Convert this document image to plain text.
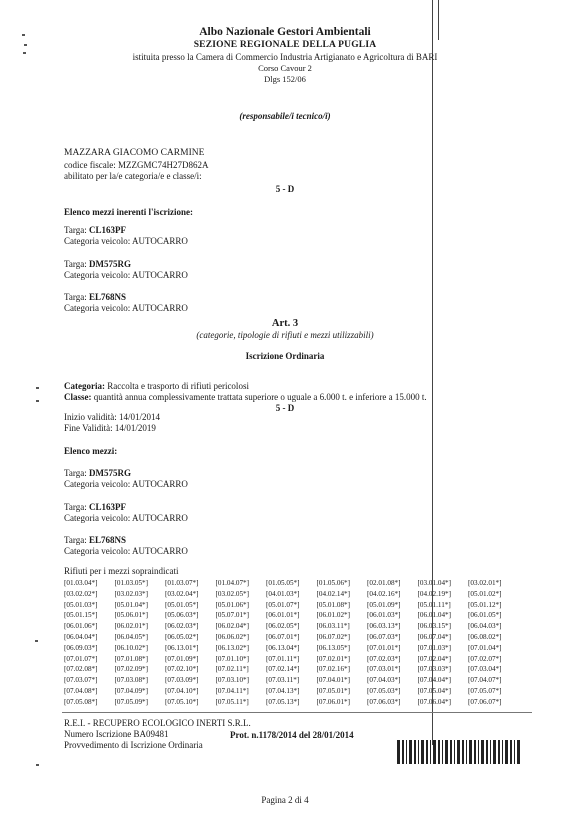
Albo Nazionale Gestori Ambientali
SEZIONE REGIONALE DELLA PUGLIA
istituita presso la Camera di Commercio Industria Artigianato e Agricoltura di BARI
Corso Cavour 2
Dlgs 152/06
(responsabile/i tecnico/i)
MAZZARA GIACOMO CARMINE
codice fiscale: MZZGMC74H27D862A
abilitato per la/e categoria/e e classe/i:
5 - D
Elenco mezzi inerenti l'iscrizione:
Targa: CL163PF
Categoria veicolo: AUTOCARRO
Targa: DM575RG
Categoria veicolo: AUTOCARRO
Targa: EL768NS
Categoria veicolo: AUTOCARRO
Art. 3
(categorie, tipologie di rifiuti e mezzi utilizzabili)
Iscrizione Ordinaria
Categoria: Raccolta e trasporto di rifiuti pericolosi
Classe: quantità annua complessivamente trattata superiore o uguale a 6.000 t. e inferiore a 15.000 t.
5 - D
Inizio validità: 14/01/2014
Fine Validità: 14/01/2019
Elenco mezzi:
Targa: DM575RG
Categoria veicolo: AUTOCARRO
Targa: CL163PF
Categoria veicolo: AUTOCARRO
Targa: EL768NS
Categoria veicolo: AUTOCARRO
Rifiuti per i mezzi sopraindicati
[01.03.04*]	[01.03.05*]	[01.03.07*]	[01.04.07*]	[01.05.05*]	[01.05.06*]	[02.01.08*]	[03.01.04*]	[03.02.01*]
[03.02.02*]	[03.02.03*]	[03.02.04*]	[03.02.05*]	[04.01.03*]	[04.02.14*]	[04.02.16*]	[04.02.19*]	[05.01.02*]
[05.01.03*]	[05.01.04*]	[05.01.05*]	[05.01.06*]	[05.01.07*]	[05.01.08*]	[05.01.09*]	[05.01.11*]	[05.01.12*]
[05.01.15*]	[05.06.01*]	[05.06.03*]	[05.07.01*]	[06.01.01*]	[06.01.02*]	[06.01.03*]	[06.01.04*]	[06.01.05*]
[06.01.06*]	[06.02.01*]	[06.02.03*]	[06.02.04*]	[06.02.05*]	[06.03.11*]	[06.03.13*]	[06.03.15*]	[06.04.03*]
[06.04.04*]	[06.04.05*]	[06.05.02*]	[06.06.02*]	[06.07.01*]	[06.07.02*]	[06.07.03*]	[06.07.04*]	[06.08.02*]
[06.09.03*]	[06.10.02*]	[06.13.01*]	[06.13.02*]	[06.13.04*]	[06.13.05*]	[07.01.01*]	[07.01.03*]	[07.01.04*]
[07.01.07*]	[07.01.08*]	[07.01.09*]	[07.01.10*]	[07.01.11*]	[07.02.01*]	[07.02.03*]	[07.02.04*]	[07.02.07*]
[07.02.08*]	[07.02.09*]	[07.02.10*]	[07.02.11*]	[07.02.14*]	[07.02.16*]	[07.03.01*]	[07.03.03*]	[07.03.04*]
[07.03.07*]	[07.03.08*]	[07.03.09*]	[07.03.10*]	[07.03.11*]	[07.04.01*]	[07.04.03*]	[07.04.04*]	[07.04.07*]
[07.04.08*]	[07.04.09*]	[07.04.10*]	[07.04.11*]	[07.04.13*]	[07.05.01*]	[07.05.03*]	[07.05.04*]	[07.05.07*]
[07.05.08*]	[07.05.09*]	[07.05.10*]	[07.05.11*]	[07.05.13*]	[07.06.01*]	[07.06.03*]	[07.06.04*]	[07.06.07*]
R.E.I. - RECUPERO ECOLOGICO INERTI S.R.L.
Numero Iscrizione BA09481	Prot. n.1178/2014 del 28/01/2014
Provvedimento di Iscrizione Ordinaria
Pagina 2 di 4
